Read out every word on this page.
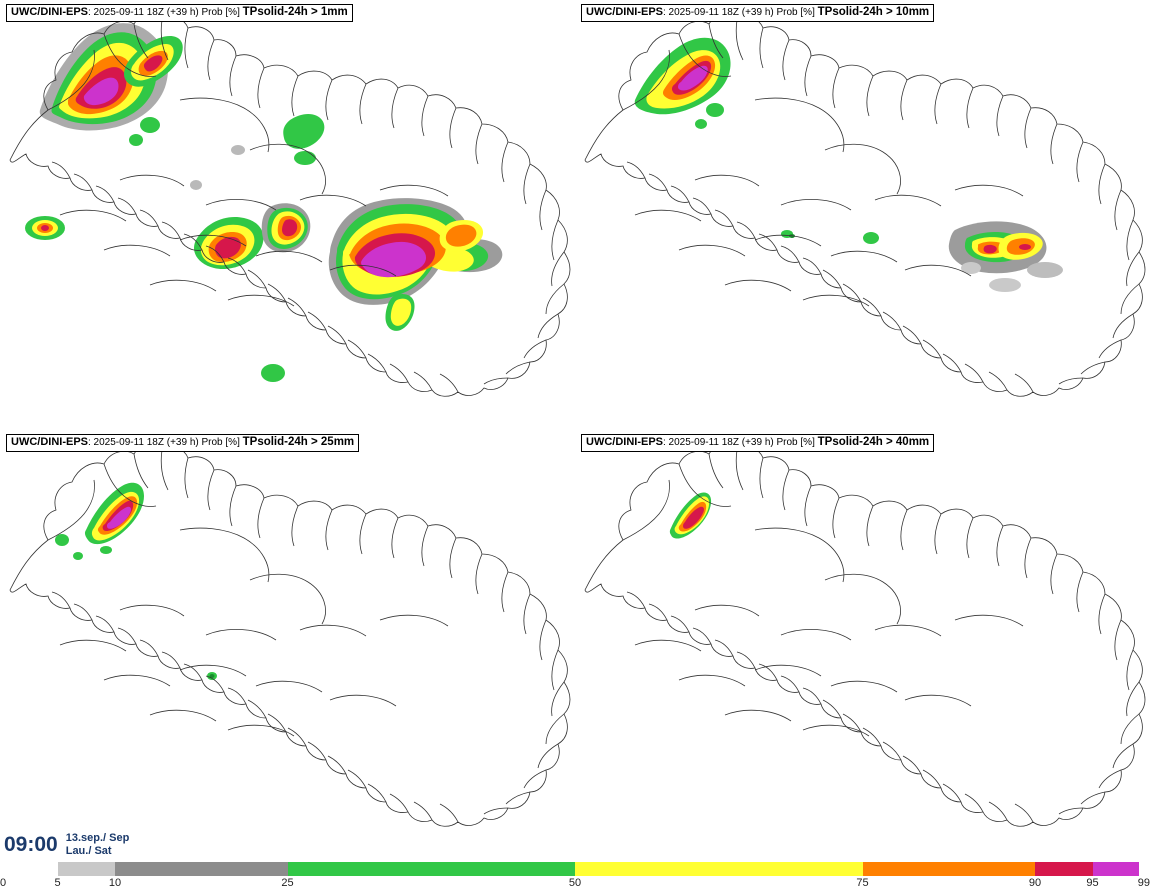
UWC/DINI-EPS: 2025-09-11 18Z (+39 h) Prob [%] TPsolid-24h > 1mm	UWC/DINI-EPS: 2025-09-11 18Z (+39 h) Prob [%] TPsolid-24h > 10mm
UWC/DINI-EPS: 2025-09-11 18Z (+39 h) Prob [%] TPsolid-24h > 25mm	UWC/DINI-EPS: 2025-09-11 18Z (+39 h) Prob [%] TPsolid-24h > 40mm
09:00 13.sep./ Sep
Lau./ Sat
0	5	10	25	50	75	90	95	99
